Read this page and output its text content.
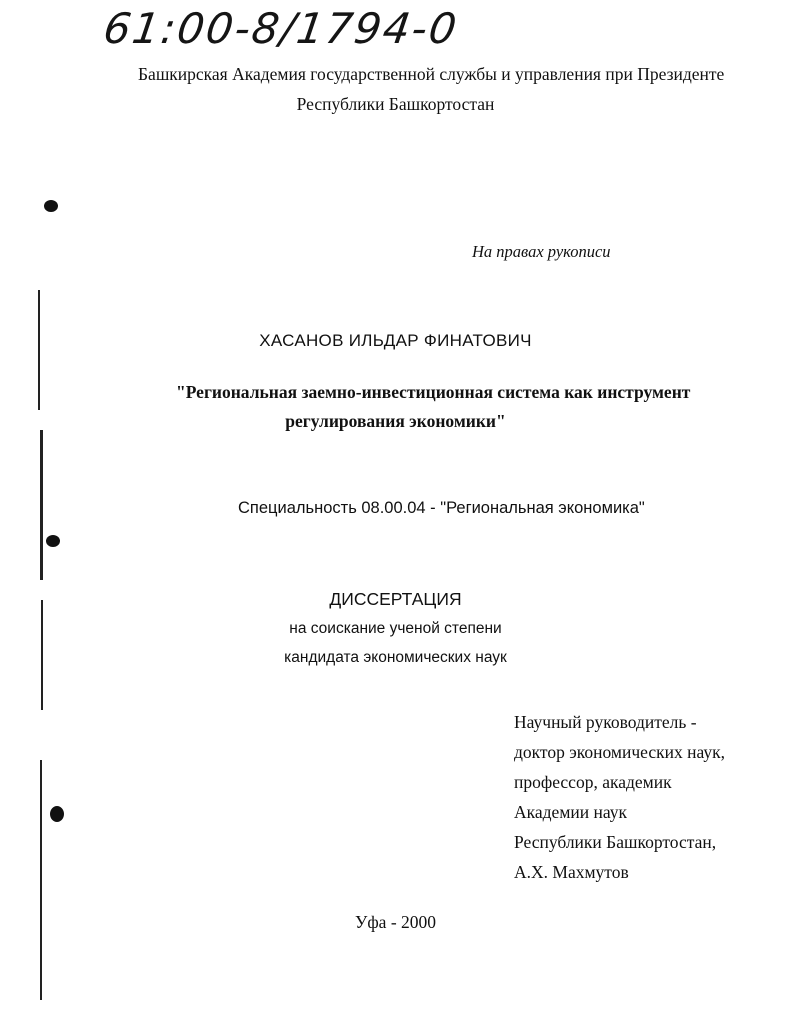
61:00-8/1794-0
Башкирская Академия государственной службы и управления при Президенте
Республики Башкортостан
На правах рукописи
ХАСАНОВ ИЛЬДАР ФИНАТОВИЧ
"Региональная заемно-инвестиционная система как инструмент
регулирования экономики"
Специальность 08.00.04 - "Региональная экономика"
ДИССЕРТАЦИЯ
на соискание ученой степени
кандидата экономических наук
Научный руководитель -
доктор экономических наук,
профессор, академик
Академии наук
Республики Башкортостан,
А.Х. Махмутов
Уфа - 2000
